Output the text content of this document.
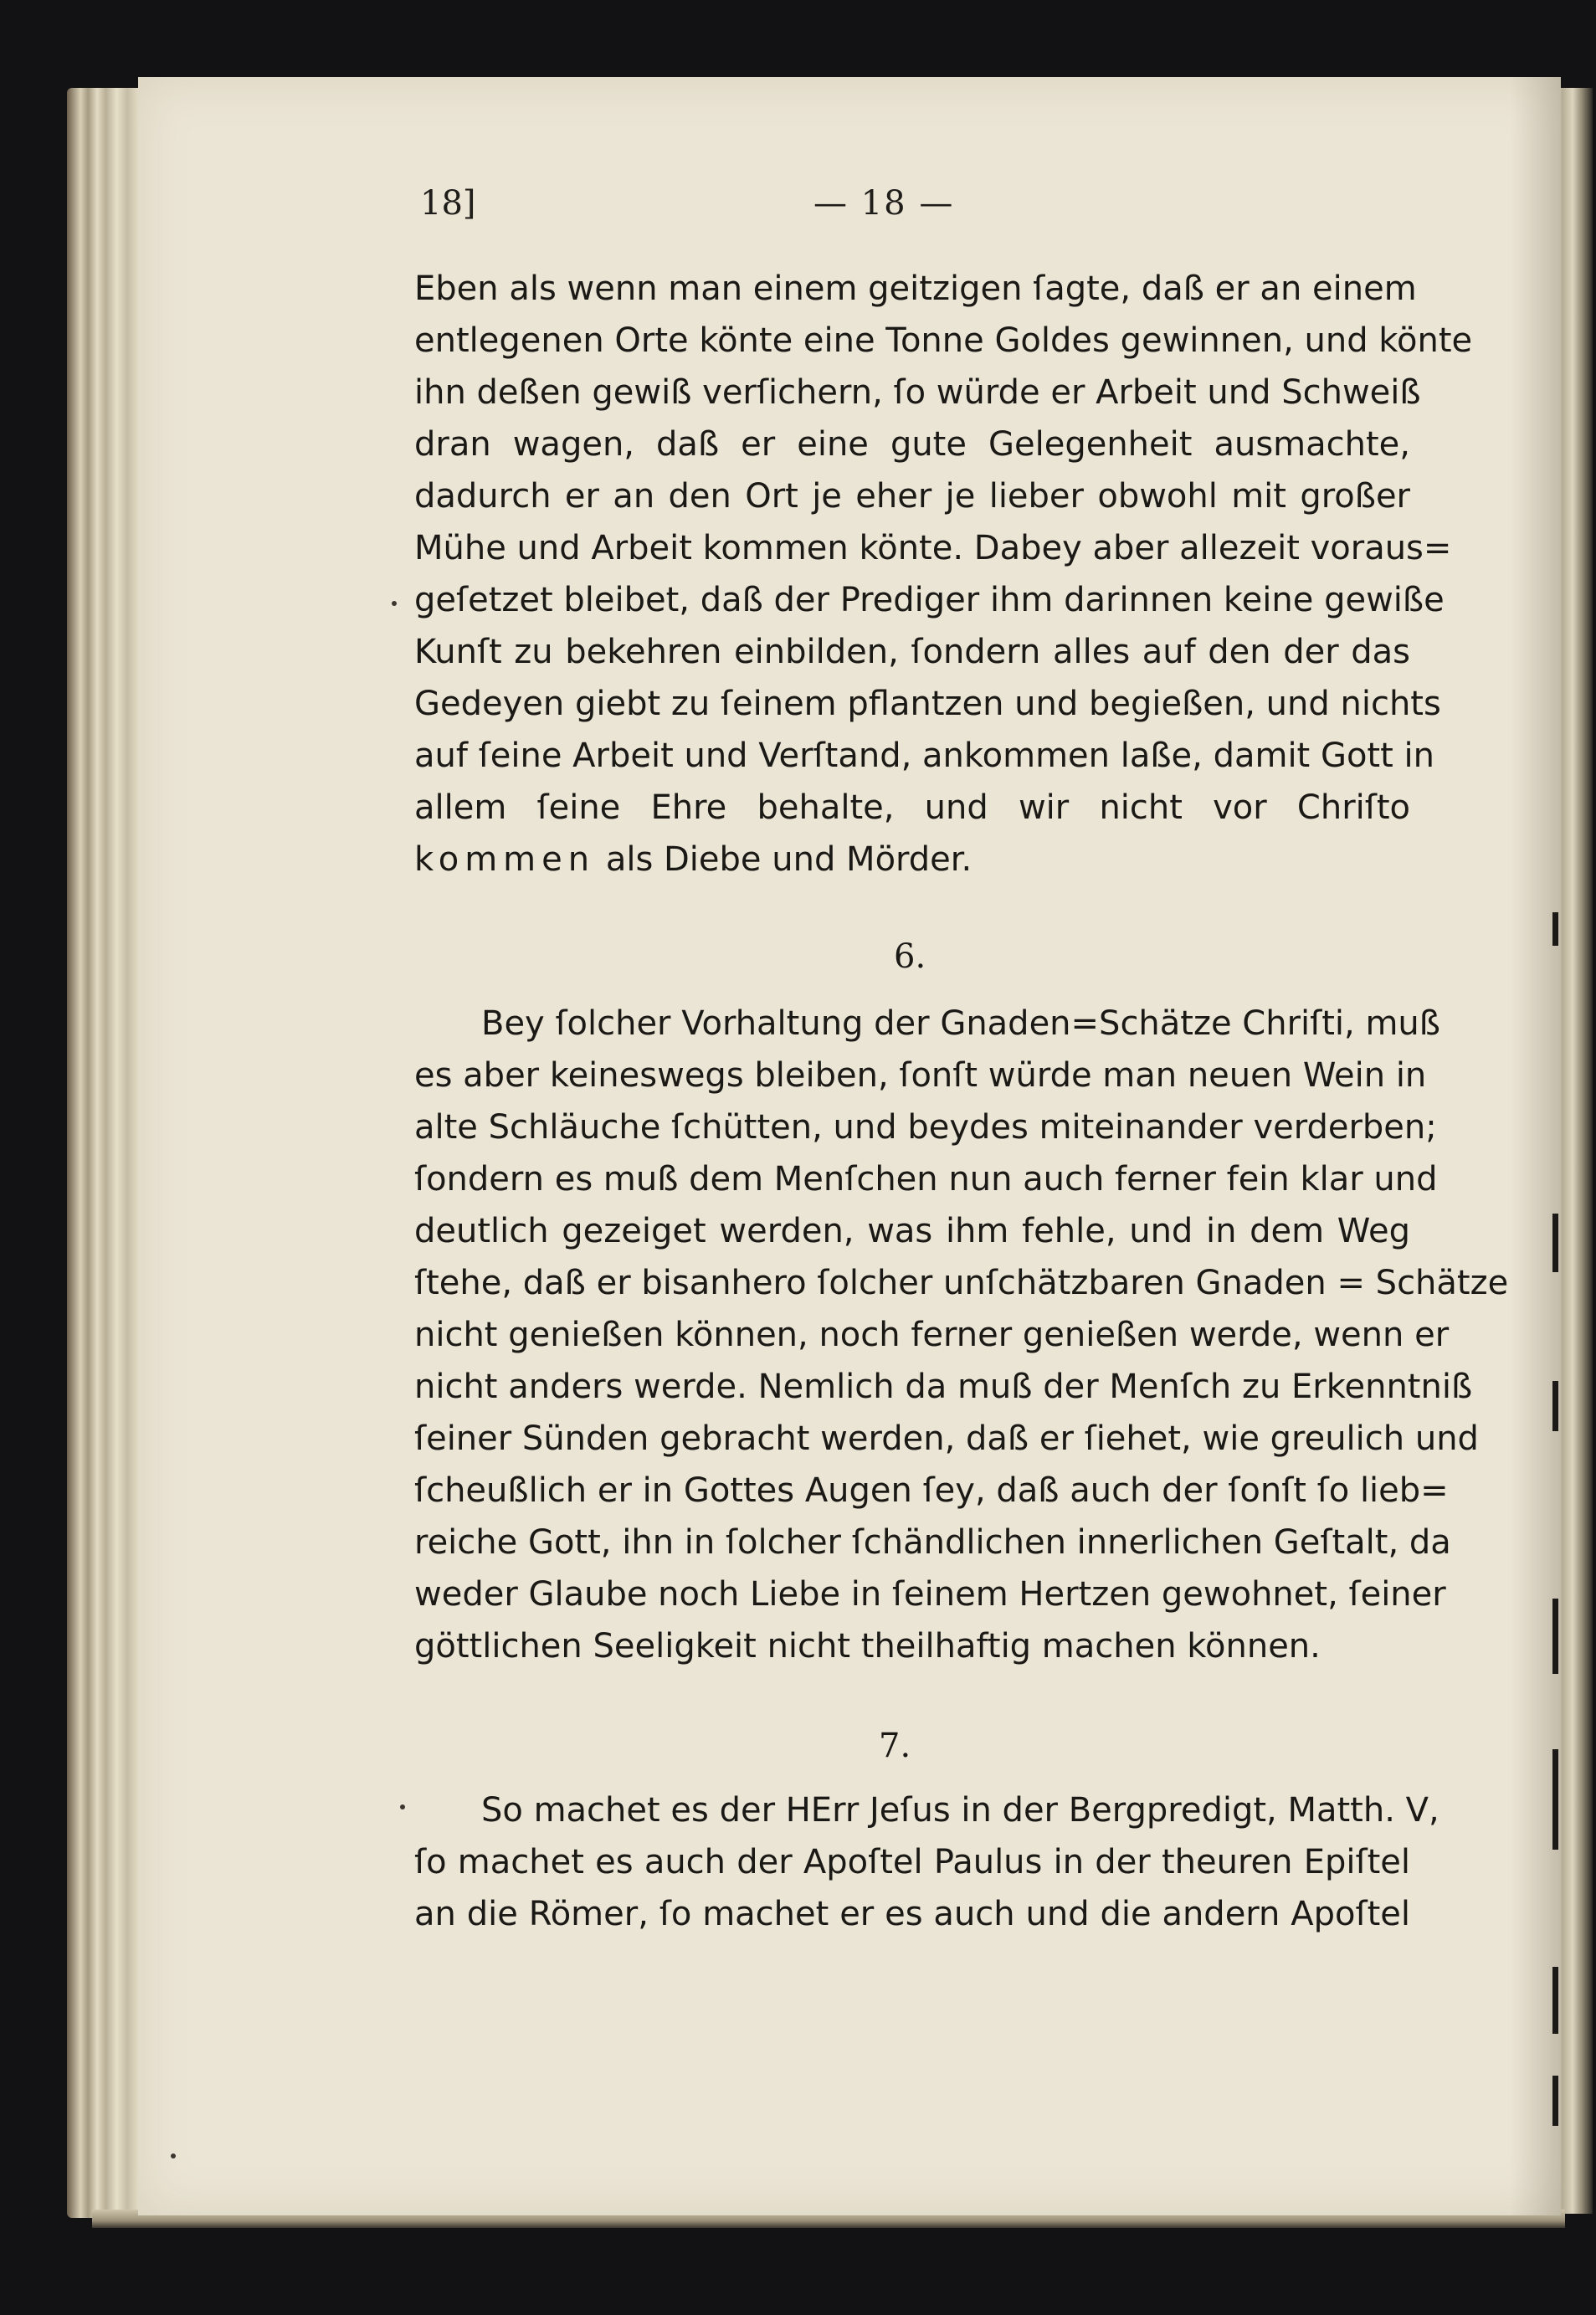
18]	— 18 —
Eben als wenn man einem geitzigen ſagte, daß er an einem
entlegenen Orte könte eine Tonne Goldes gewinnen, und könte
ihn deßen gewiß verſichern, ſo würde er Arbeit und Schweiß
dran wagen, daß er eine gute Gelegenheit ausmachte,
dadurch er an den Ort je eher je lieber obwohl mit großer
Mühe und Arbeit kommen könte. Dabey aber allezeit voraus=
geſetzet bleibet, daß der Prediger ihm darinnen keine gewiße
Kunſt zu bekehren einbilden, ſondern alles auf den der das
Gedeyen giebt zu ſeinem pflantzen und begießen, und nichts
auf ſeine Arbeit und Verſtand, ankommen laße, damit Gott in
allem ſeine Ehre behalte, und wir nicht vor Chriſto
kommen als Diebe und Mörder.
6.
Bey ſolcher Vorhaltung der Gnaden=Schätze Chriſti, muß
es aber keineswegs bleiben, ſonſt würde man neuen Wein in
alte Schläuche ſchütten, und beydes miteinander verderben;
ſondern es muß dem Menſchen nun auch ferner fein klar und
deutlich gezeiget werden, was ihm fehle, und in dem Weg
ſtehe, daß er bisanhero ſolcher unſchätzbaren Gnaden = Schätze
nicht genießen können, noch ferner genießen werde, wenn er
nicht anders werde. Nemlich da muß der Menſch zu Erkenntniß
ſeiner Sünden gebracht werden, daß er ſiehet, wie greulich und
ſcheußlich er in Gottes Augen ſey, daß auch der ſonſt ſo lieb=
reiche Gott, ihn in ſolcher ſchändlichen innerlichen Geſtalt, da
weder Glaube noch Liebe in ſeinem Hertzen gewohnet, ſeiner
göttlichen Seeligkeit nicht theilhaftig machen können.
7.
So machet es der HErr Jeſus in der Bergpredigt, Matth. V,
ſo machet es auch der Apoſtel Paulus in der theuren Epiſtel
an die Römer, ſo machet er es auch und die andern Apoſtel
